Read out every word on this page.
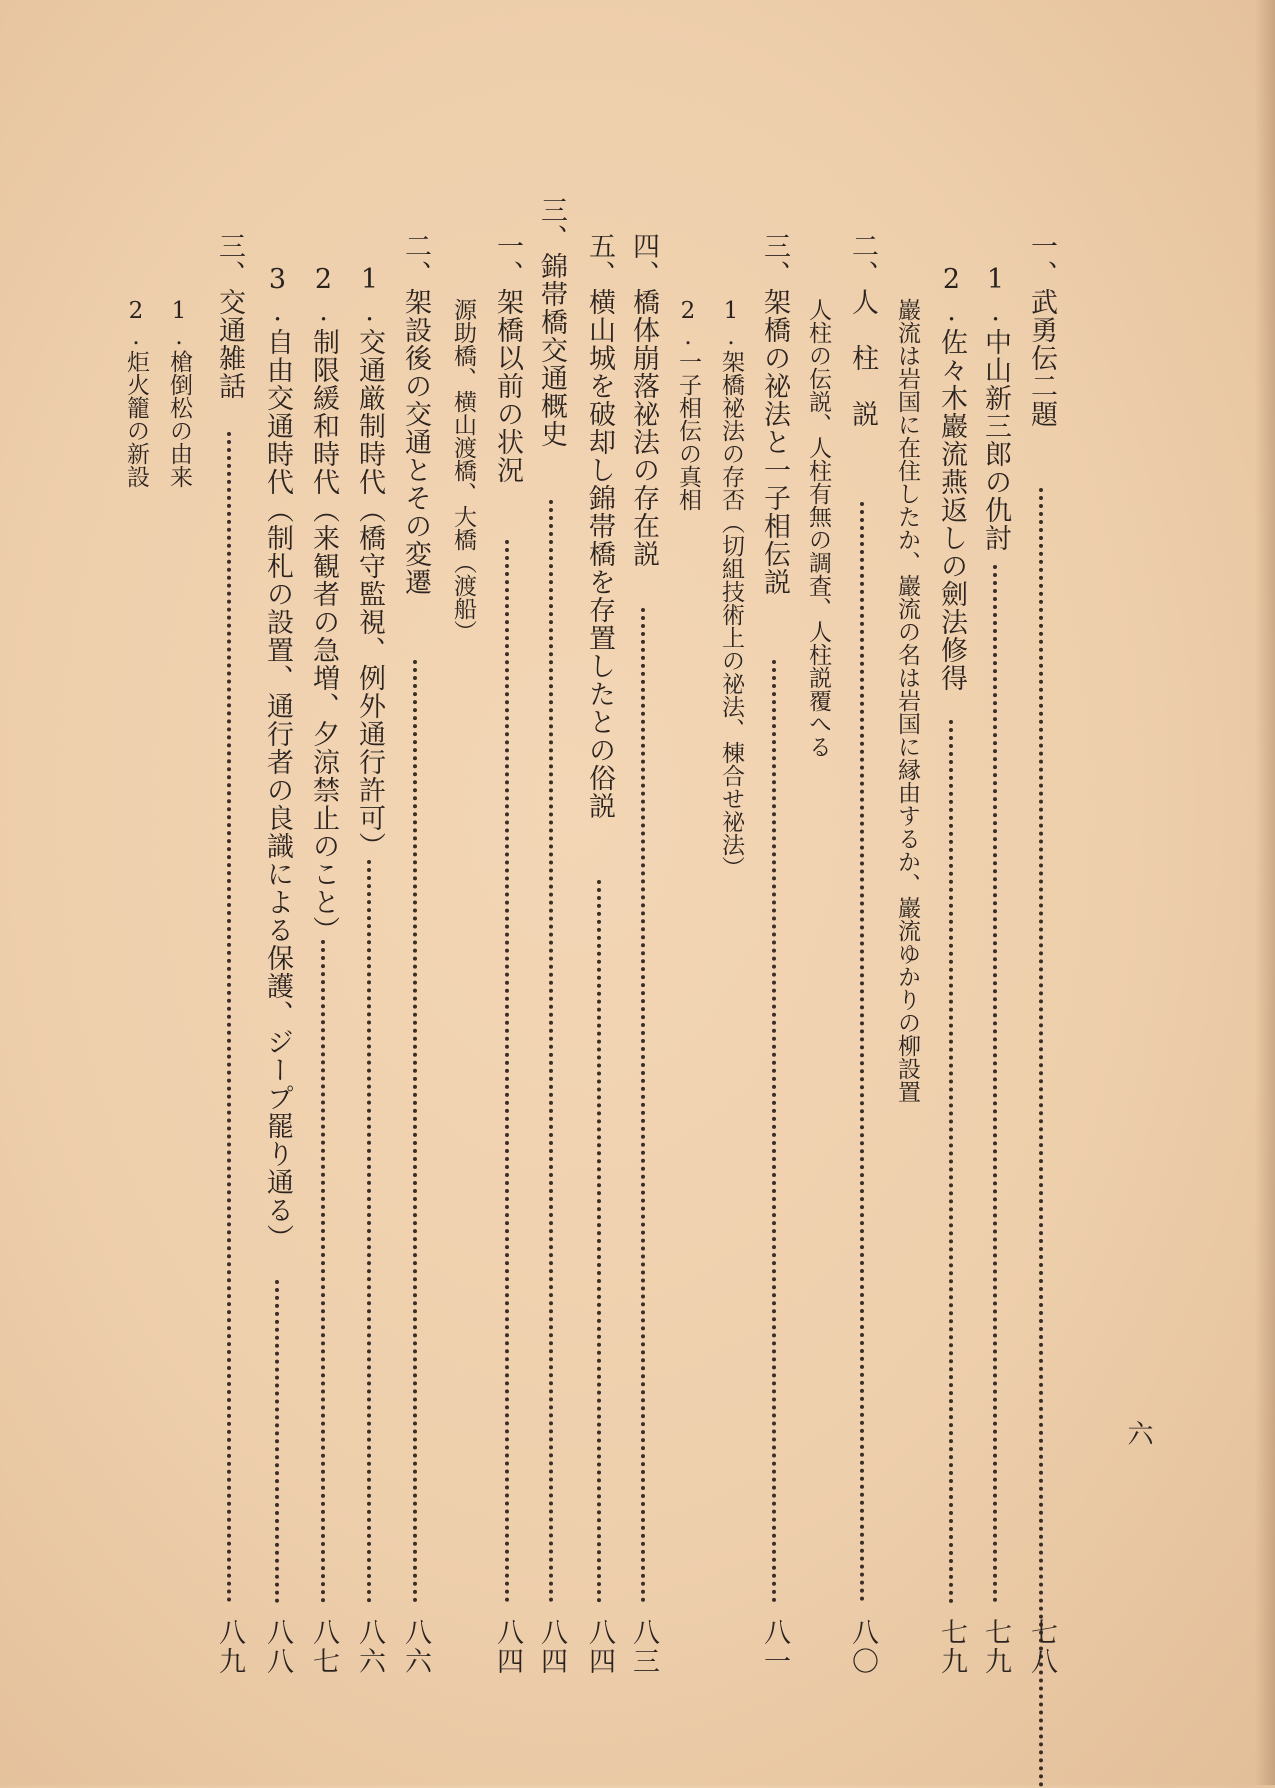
一、武勇伝二題
七八
1.中山新三郎の仇討
七九
2.佐々木巖流燕返しの劍法修得
七九
巖流は岩国に在住したか、巖流の名は岩国に縁由するか、巖流ゆかりの柳設置
二、人　柱　説
八〇
人柱の伝説、人柱有無の調査、人柱説覆へる
三、架橋の祕法と一子相伝説
八一
1.架橋祕法の存否（切組技術上の祕法、棟合せ祕法）
2.一子相伝の真相
四、橋体崩落祕法の存在説
八三
五、横山城を破却し錦帯橋を存置したとの俗説
八四
三、錦帯橋交通概史
八四
一、架橋以前の状況
八四
源助橋、横山渡橋、大橋（渡船）
二、架設後の交通とその変遷
八六
1.交通厳制時代（橋守監視、例外通行許可）
八六
2.制限緩和時代（来観者の急増、夕涼禁止のこと）
八七
3.自由交通時代（制札の設置、通行者の良識による保護、ジープ罷り通る）
八八
三、交通雑話
八九
1.槍倒松の由来
2.炬火籠の新設
六
